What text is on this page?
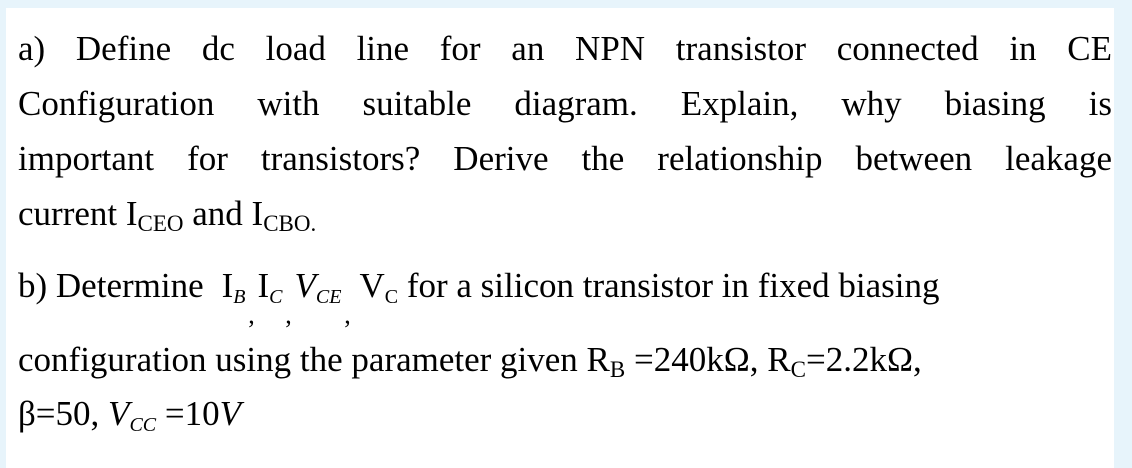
a) Define dc load line for an NPN transistor connected in CE
Configuration with suitable diagram. Explain, why biasing is
important for transistors? Derive the relationship between leakage
current $I_{CEO}$ and $I_{CBO.}$
b) Determine IB,IC,VCE,VC for a silicon transistor in fixed biasing
configuration using the parameter given $R_B =240k\Omega$, $R_C=2.2k\Omega$,
β=50, VCC =10V
